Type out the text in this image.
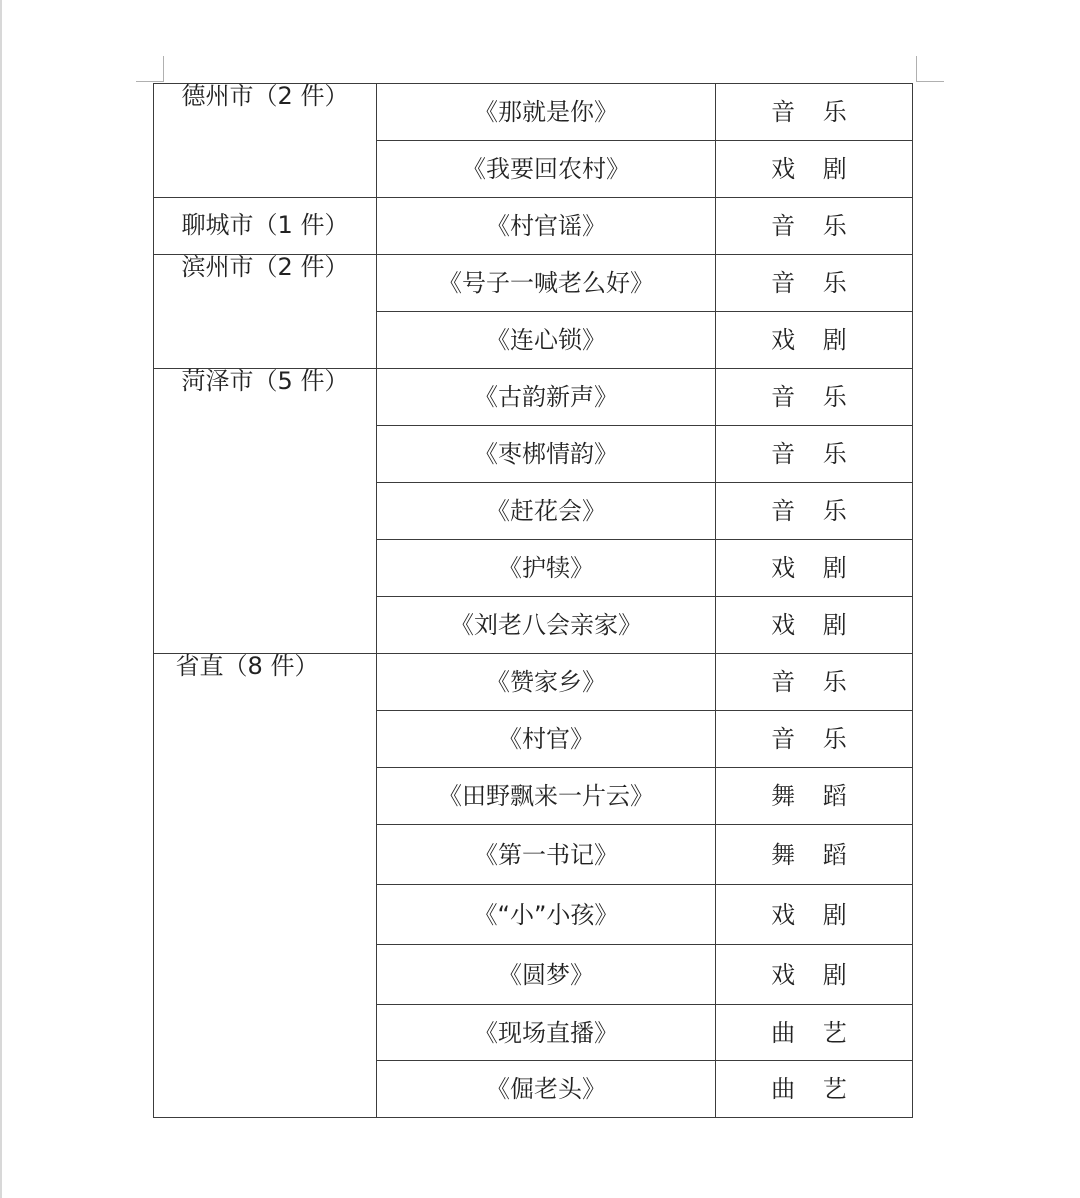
德州市（2 件）	《那就是你》	音 乐
	《我要回农村》	戏 剧
聊城市（1 件）	《村官谣》	音 乐
滨州市（2 件）	《号子一喊老么好》	音 乐
	《连心锁》	戏 剧
菏泽市（5 件）	《古韵新声》	音 乐
	《枣梆情韵》	音 乐
	《赶花会》	音 乐
	《护犊》	戏 剧
	《刘老八会亲家》	戏 剧
省直（8 件）	《赞家乡》	音 乐
	《村官》	音 乐
	《田野飘来一片云》	舞 蹈
	《第一书记》	舞 蹈
	《“小”小孩》	戏 剧
	《圆梦》	戏 剧
	《现场直播》	曲 艺
	《倔老头》	曲 艺
